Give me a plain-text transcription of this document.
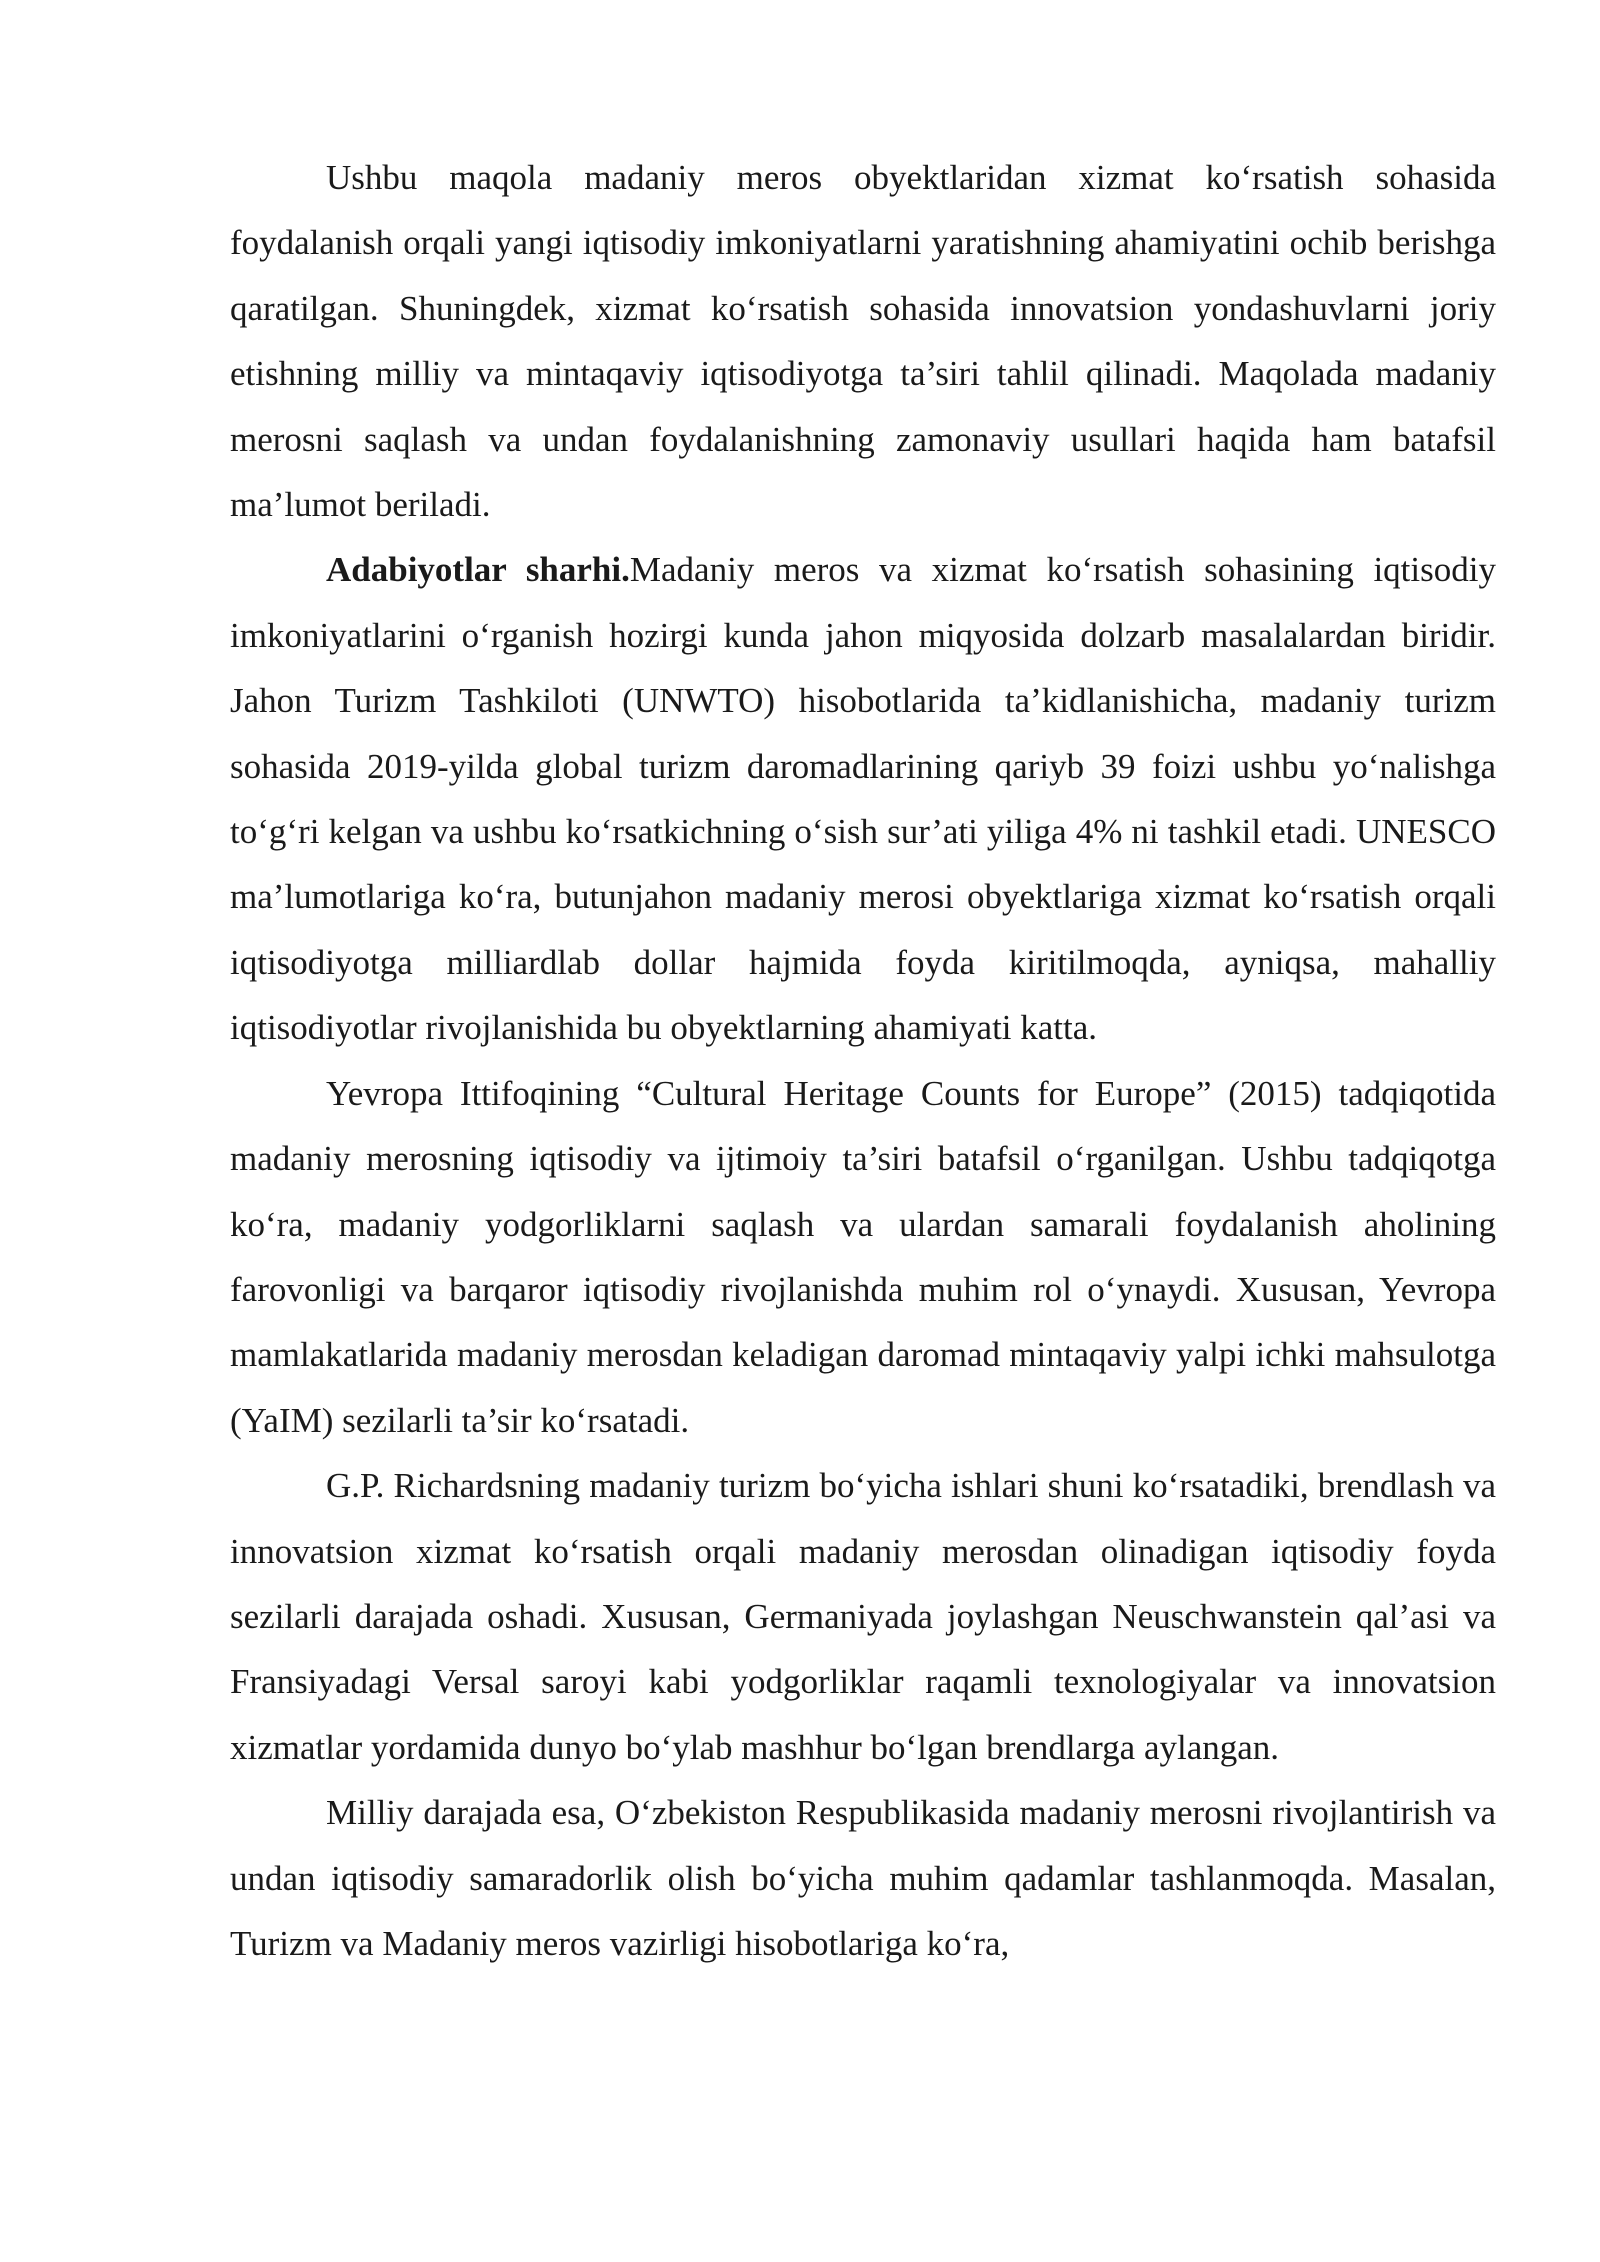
Ushbu maqola madaniy meros obyektlaridan xizmat ko‘rsatish sohasida foydalanish orqali yangi iqtisodiy imkoniyatlarni yaratishning ahamiyatini ochib berishga qaratilgan. Shuningdek, xizmat ko‘rsatish sohasida innovatsion yondashuvlarni joriy etishning milliy va mintaqaviy iqtisodiyotga ta’siri tahlil qilinadi. Maqolada madaniy merosni saqlash va undan foydalanishning zamonaviy usullari haqida ham batafsil ma’lumot beriladi.

Adabiyotlar sharhi.Madaniy meros va xizmat ko‘rsatish sohasining iqtisodiy imkoniyatlarini o‘rganish hozirgi kunda jahon miqyosida dolzarb masalalardan biridir. Jahon Turizm Tashkiloti (UNWTO) hisobotlarida ta’kidlanishicha, madaniy turizm sohasida 2019-yilda global turizm daromadlarining qariyb 39 foizi ushbu yo‘nalishga to‘g‘ri kelgan va ushbu ko‘rsatkichning o‘sish sur’ati yiliga 4% ni tashkil etadi. UNESCO ma’lumotlariga ko‘ra, butunjahon madaniy merosi obyektlariga xizmat ko‘rsatish orqali iqtisodiyotga milliardlab dollar hajmida foyda kiritilmoqda, ayniqsa, mahalliy iqtisodiyotlar rivojlanishida bu obyektlarning ahamiyati katta.

Yevropa Ittifoqining “Cultural Heritage Counts for Europe” (2015) tadqiqotida madaniy merosning iqtisodiy va ijtimoiy ta’siri batafsil o‘rganilgan. Ushbu tadqiqotga ko‘ra, madaniy yodgorliklarni saqlash va ulardan samarali foydalanish aholining farovonligi va barqaror iqtisodiy rivojlanishda muhim rol o‘ynaydi. Xususan, Yevropa mamlakatlarida madaniy merosdan keladigan daromad mintaqaviy yalpi ichki mahsulotga (YaIM) sezilarli ta’sir ko‘rsatadi.

G.P. Richardsning madaniy turizm bo‘yicha ishlari shuni ko‘rsatadiki, brendlash va innovatsion xizmat ko‘rsatish orqali madaniy merosdan olinadigan iqtisodiy foyda sezilarli darajada oshadi. Xususan, Germaniyada joylashgan Neuschwanstein qal’asi va Fransiyadagi Versal saroyi kabi yodgorliklar raqamli texnologiyalar va innovatsion xizmatlar yordamida dunyo bo‘ylab mashhur bo‘lgan brendlarga aylangan.

Milliy darajada esa, O‘zbekiston Respublikasida madaniy merosni rivojlantirish va undan iqtisodiy samaradorlik olish bo‘yicha muhim qadamlar tashlanmoqda. Masalan, Turizm va Madaniy meros vazirligi hisobotlariga ko‘ra,
